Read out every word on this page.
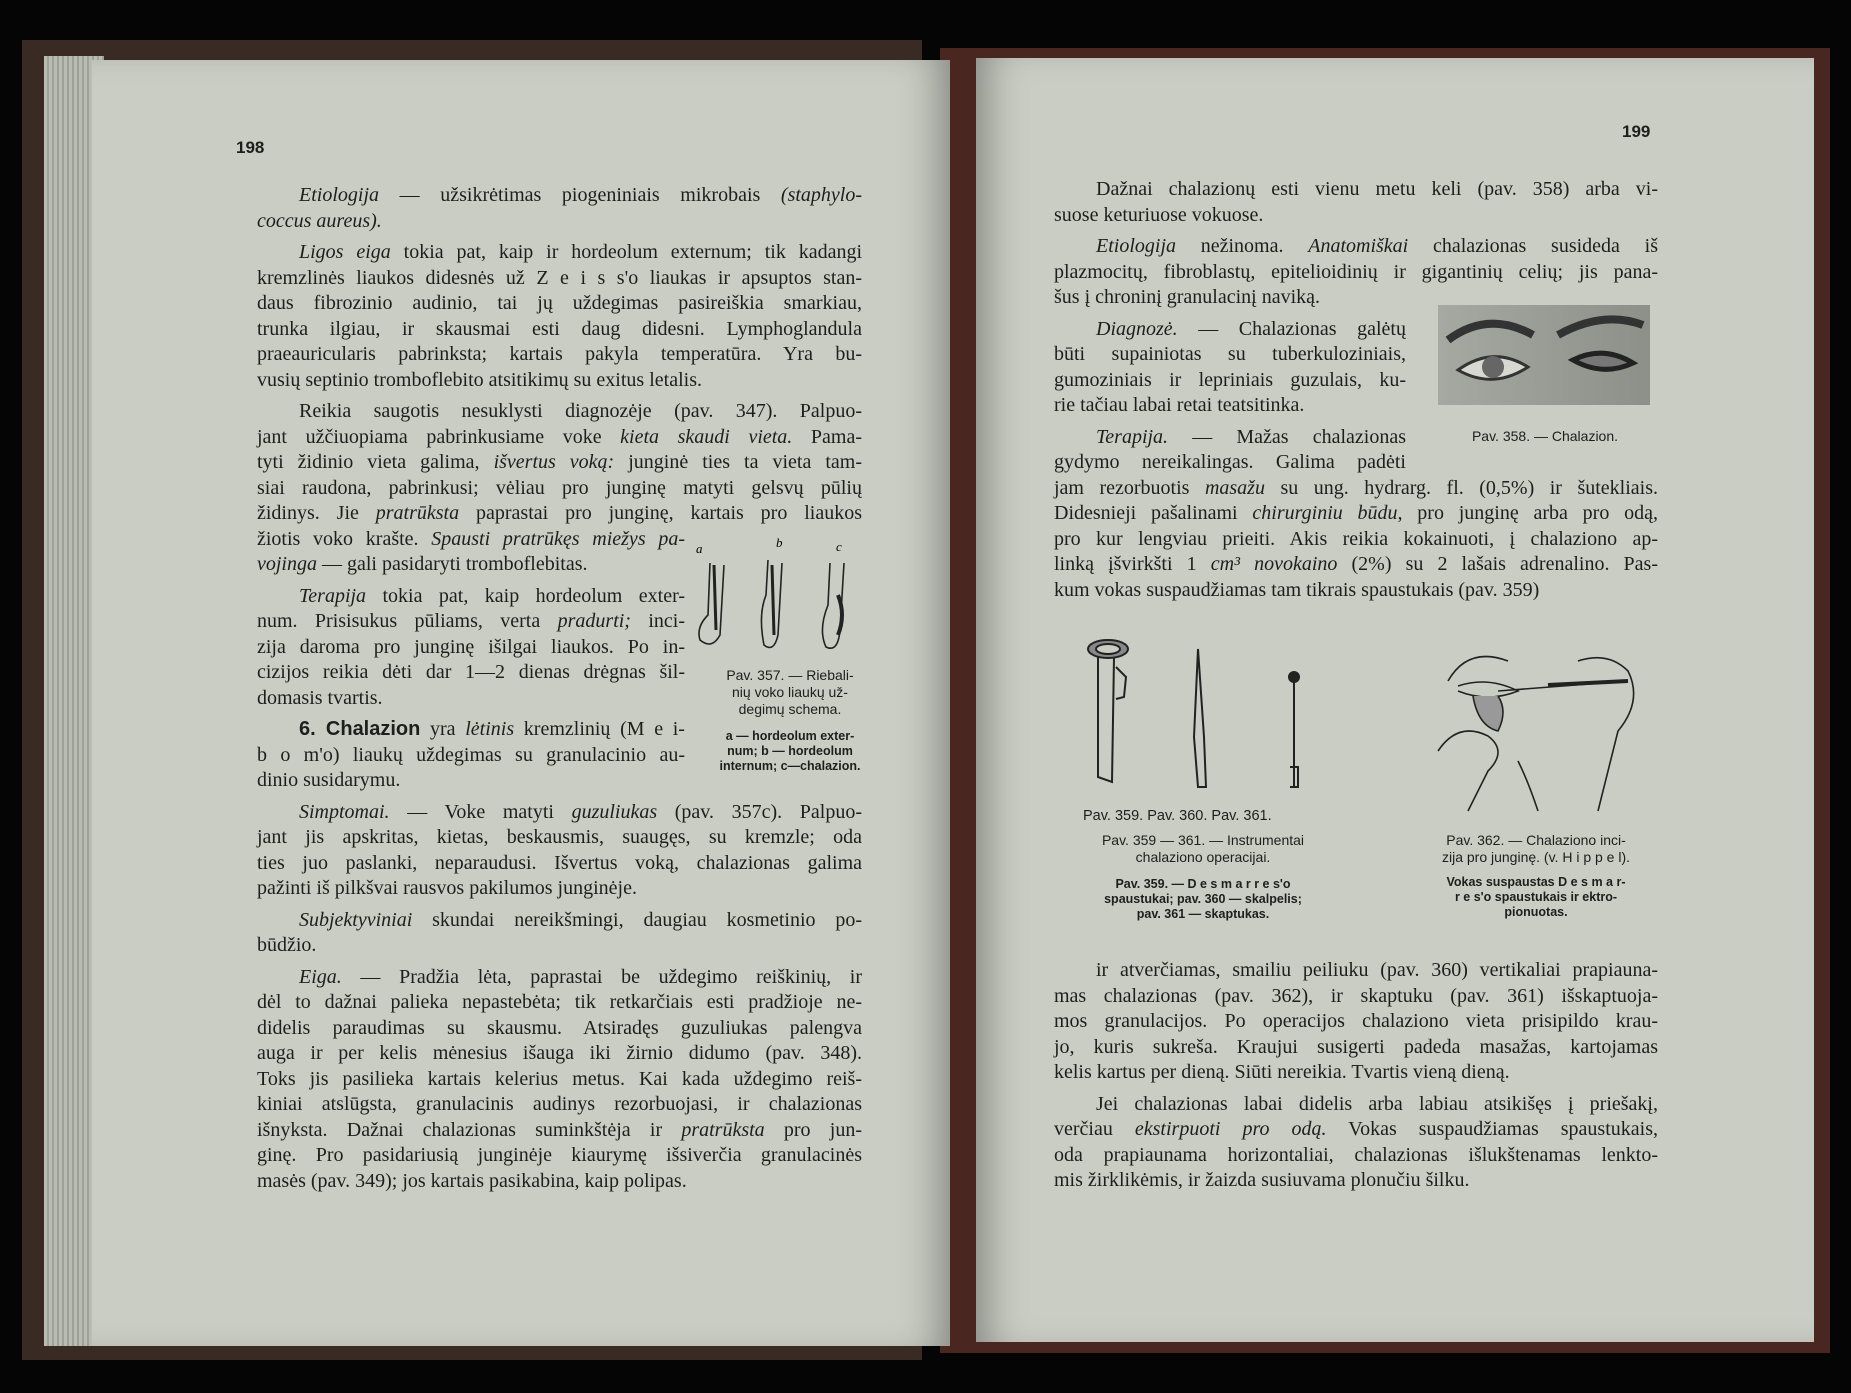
198
199
Etiologija — užsikrėtimas piogeniniais mikrobais (staphylo-
coccus aureus).
Ligos eiga tokia pat, kaip ir hordeolum externum; tik kadangi
kremzlinės liaukos didesnės už Z e i s s'o liaukas ir apsuptos stan-
daus fibrozinio audinio, tai jų uždegimas pasireiškia smarkiau,
trunka ilgiau, ir skausmai esti daug didesni. Lymphoglandula
praeauricularis pabrinksta; kartais pakyla temperatūra. Yra bu-
vusių septinio tromboflebito atsitikimų su exitus letalis.
Reikia saugotis nesuklysti diagnozėje (pav. 347). Palpuo-
jant užčiuopiama pabrinkusiame voke kieta skaudi vieta. Pama-
tyti židinio vieta galima, išvertus voką: junginė ties ta vieta tam-
siai raudona, pabrinkusi; vėliau pro junginę matyti gelsvų pūlių
židinys. Jie pratrūksta paprastai pro junginę, kartais pro liaukos
žiotis voko krašte. Spausti pratrūkęs miežys pa-
vojinga — gali pasidaryti tromboflebitas.
Terapija tokia pat, kaip hordeolum exter-
num. Prisisukus pūliams, verta pradurti; inci-
zija daroma pro junginę išilgai liaukos. Po in-
cizijos reikia dėti dar 1—2 dienas drėgnas šil-
domasis tvartis.
6. Chalazion yra lėtinis kremzlinių (M e i-
b o m'o) liaukų uždegimas su granulacinio au-
dinio susidarymu.
Simptomai. — Voke matyti guzuliukas (pav. 357c). Palpuo-
jant jis apskritas, kietas, beskausmis, suaugęs, su kremzle; oda
ties juo paslanki, neparaudusi. Išvertus voką, chalazionas galima
pažinti iš pilkšvai rausvos pakilumos junginėje.
Subjektyviniai skundai nereikšmingi, daugiau kosmetinio po-
būdžio.
Eiga. — Pradžia lėta, paprastai be uždegimo reiškinių, ir
dėl to dažnai palieka nepastebėta; tik retkarčiais esti pradžioje ne-
didelis paraudimas su skausmu. Atsiradęs guzuliukas palengva
auga ir per kelis mėnesius išauga iki žirnio didumo (pav. 348).
Toks jis pasilieka kartais kelerius metus. Kai kada uždegimo reiš-
kiniai atslūgsta, granulacinis audinys rezorbuojasi, ir chalazionas
išnyksta. Dažnai chalazionas suminkštėja ir pratrūksta pro jun-
ginę. Pro pasidariusią junginėje kiaurymę išsiverčia granulacinės
masės (pav. 349); jos kartais pasikabina, kaip polipas.
Dažnai chalazionų esti vienu metu keli (pav. 358) arba vi-
suose keturiuose vokuose.
Etiologija nežinoma. Anatomiškai chalazionas susideda iš
plazmocitų, fibroblastų, epitelioidinių ir gigantinių celių; jis pana-
šus į chroninį granulacinį naviką.
Diagnozė. — Chalazionas galėtų
būti supainiotas su tuberkuloziniais,
gumoziniais ir lepriniais guzulais, ku-
rie tačiau labai retai teatsitinka.
Terapija. — Mažas chalazionas
gydymo nereikalingas. Galima padėti
jam rezorbuotis masažu su ung. hydrarg. fl. (0,5%) ir šutekliais.
Didesnieji pašalinami chirurginiu būdu, pro junginę arba pro odą,
pro kur lengviau prieiti. Akis reikia kokainuoti, į chalaziono ap-
linką įšvirkšti 1 cm³ novokaino (2%) su 2 lašais adrenalino. Pas-
kum vokas suspaudžiamas tam tikrais spaustukais (pav. 359)
ir atverčiamas, smailiu peiliuku (pav. 360) vertikaliai prapiauna-
mas chalazionas (pav. 362), ir skaptuku (pav. 361) išskaptuoja-
mos granulacijos. Po operacijos chalaziono vieta prisipildo krau-
jo, kuris sukreša. Kraujui susigerti padeda masažas, kartojamas
kelis kartus per dieną. Siūti nereikia. Tvartis vieną dieną.
Jei chalazionas labai didelis arba labiau atsikišęs į priešakį,
verčiau ekstirpuoti pro odą. Vokas suspaudžiamas spaustukais,
oda prapiaunama horizontaliai, chalazionas išlukštenamas lenkto-
mis žirklikėmis, ir žaizda susiuvama plonučiu šilku.
a	b	c
Pav. 357. — Riebali-
nių voko liaukų už-
degimų schema.
a — hordeolum exter-
num; b — hordeolum
internum; c—chalazion.
Pav. 358. — Chalazion.
Pav. 359. Pav. 360. Pav. 361.
Pav. 359 — 361. — Instrumentai
chalaziono operacijai.
Pav. 359. — D e s m a r r e s'o
spaustukai; pav. 360 — skalpelis;
pav. 361 — skaptukas.
Pav. 362. — Chalaziono inci-
zija pro junginę. (v. H i p p e l).
Vokas suspaustas D e s m a r-
r e s'o spaustukais ir ektro-
pionuotas.
